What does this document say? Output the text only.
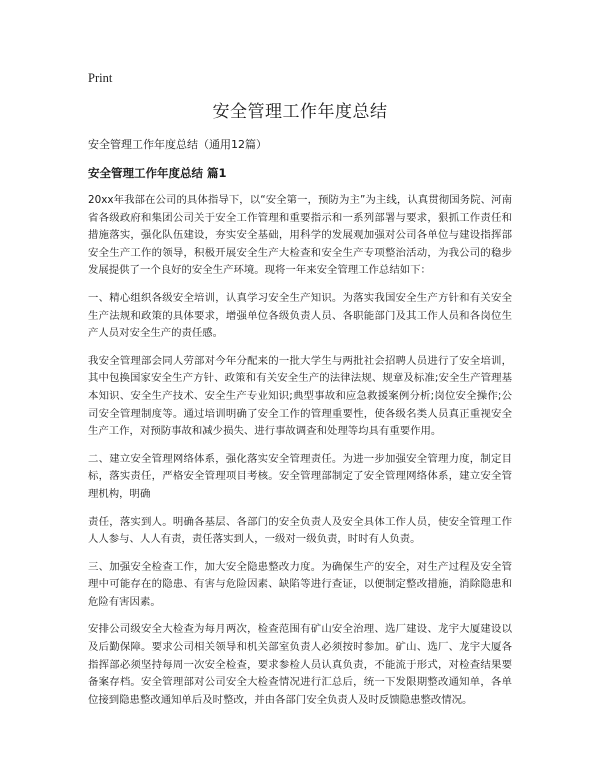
Print
安全管理工作年度总结

安全管理工作年度总结（通用12篇）

安全管理工作年度总结 篇1

20xx年我部在公司的具体指导下，以“安全第一，预防为主”为主线，认真贯彻国务院、河南省各级政府和集团公司关于安全工作管理和重要指示和一系列部署与要求，狠抓工作责任和措施落实，强化队伍建设，夯实安全基础，用科学的发展观加强对公司各单位与建设指挥部安全生产工作的领导，积极开展安全生产大检查和安全生产专项整治活动，为我公司的稳步发展提供了一个良好的安全生产环境。现将一年来安全管理工作总结如下：

一、精心组织各级安全培训，认真学习安全生产知识。为落实我国安全生产方针和有关安全生产法规和政策的具体要求，增强单位各级负责人员、各职能部门及其工作人员和各岗位生产人员对安全生产的责任感。

我安全管理部会同人劳部对今年分配来的一批大学生与两批社会招聘人员进行了安全培训，其中包换国家安全生产方针、政策和有关安全生产的法律法规、规章及标准;安全生产管理基本知识、安全生产技术、安全生产专业知识;典型事故和应急救援案例分析;岗位安全操作;公司安全管理制度等。通过培训明确了安全工作的管理重要性，使各级名类人员真正重视安全生产工作，对预防事故和减少损失、进行事故调查和处理等均具有重要作用。

二、建立安全管理网络体系，强化落实安全管理责任。为进一步加强安全管理力度，制定目标，落实责任，严格安全管理项目考核。安全管理部制定了安全管理网络体系，建立安全管理机构，明确

责任，落实到人。明确各基层、各部门的安全负责人及安全具体工作人员，使安全管理工作人人参与、人人有责，责任落实到人，一级对一级负责，时时有人负责。

三、加强安全检查工作，加大安全隐患整改力度。为确保生产的安全，对生产过程及安全管理中可能存在的隐患、有害与危险因素、缺陷等进行查证，以便制定整改措施，消除隐患和危险有害因素。

安排公司级安全大检查为每月两次，检查范围有矿山安全治理、选厂建设、龙宇大厦建设以及后勤保障。要求公司相关领导和机关部室负责人必须按时参加。矿山、选厂、龙宇大厦各指挥部必须坚持每周一次安全检查，要求参检人员认真负责，不能流于形式，对检查结果要备案存档。安全管理部对公司安全大检查情况进行汇总后，统一下发限期整改通知单，各单位接到隐患整改通知单后及时整改，并由各部门安全负责人及时反馈隐患整改情况。
